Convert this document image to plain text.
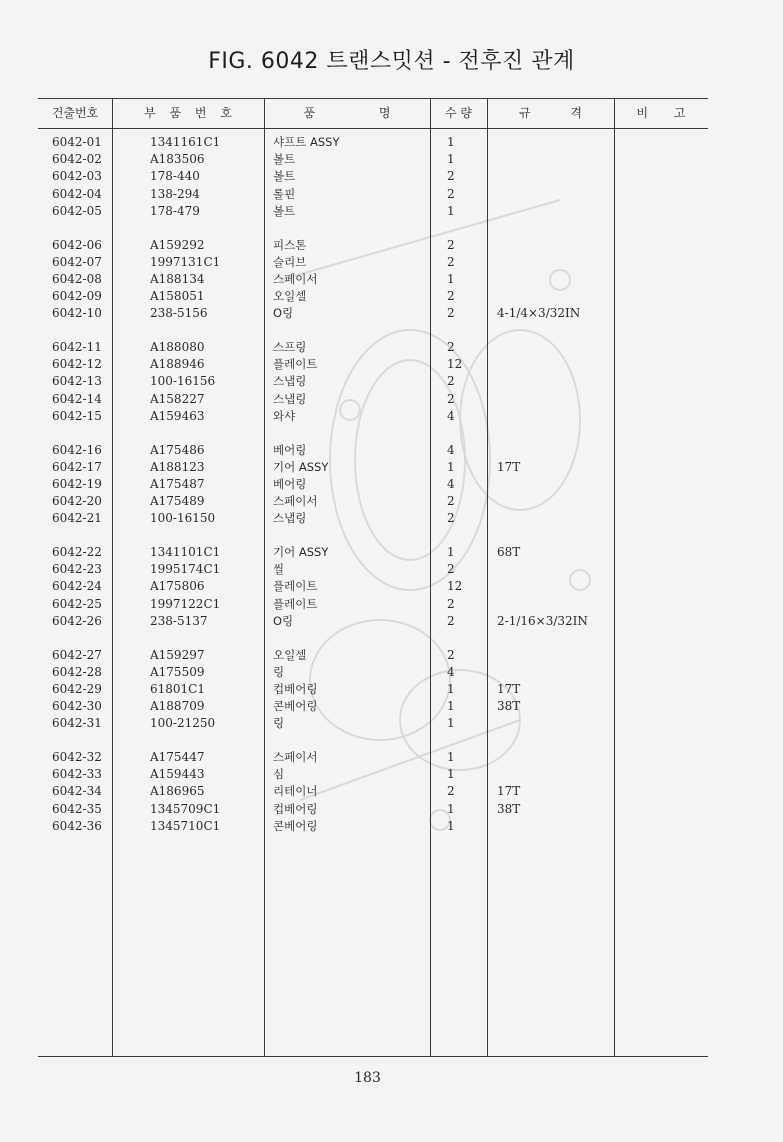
FIG. 6042 트랜스밋션 - 전후진 관계
건출번호	부 품 번 호	품 명	수 량	규 격	비 고
6042-01	1341161C1	샤프트 ASSY	1
6042-02	A183506	볼트	1
6042-03	178-440	볼트	2
6042-04	138-294	롤핀	2
6042-05	178-479	볼트	1
6042-06	A159292	피스톤	2
6042-07	1997131C1	슬리브	2
6042-08	A188134	스페이서	1
6042-09	A158051	오일셀	2
6042-10	238-5156	O링	2	4-1/4×3/32IN
6042-11	A188080	스프링	2
6042-12	A188946	플레이트	12
6042-13	100-16156	스냅링	2
6042-14	A158227	스냅링	2
6042-15	A159463	와샤	4
6042-16	A175486	베어링	4
6042-17	A188123	기어 ASSY	1	17T
6042-19	A175487	베어링	4
6042-20	A175489	스페이서	2
6042-21	100-16150	스냅링	2
6042-22	1341101C1	기어 ASSY	1	68T
6042-23	1995174C1	씰	2
6042-24	A175806	플레이트	12
6042-25	1997122C1	플레이트	2
6042-26	238-5137	O링	2	2-1/16×3/32IN
6042-27	A159297	오일셀	2
6042-28	A175509	링	4
6042-29	61801C1	컵베어링	1	17T
6042-30	A188709	콘베어링	1	38T
6042-31	100-21250	링	1
6042-32	A175447	스페이서	1
6042-33	A159443	심	1
6042-34	A186965	리테이너	2	17T
6042-35	1345709C1	컵베어링	1	38T
6042-36	1345710C1	콘베어링	1
183
